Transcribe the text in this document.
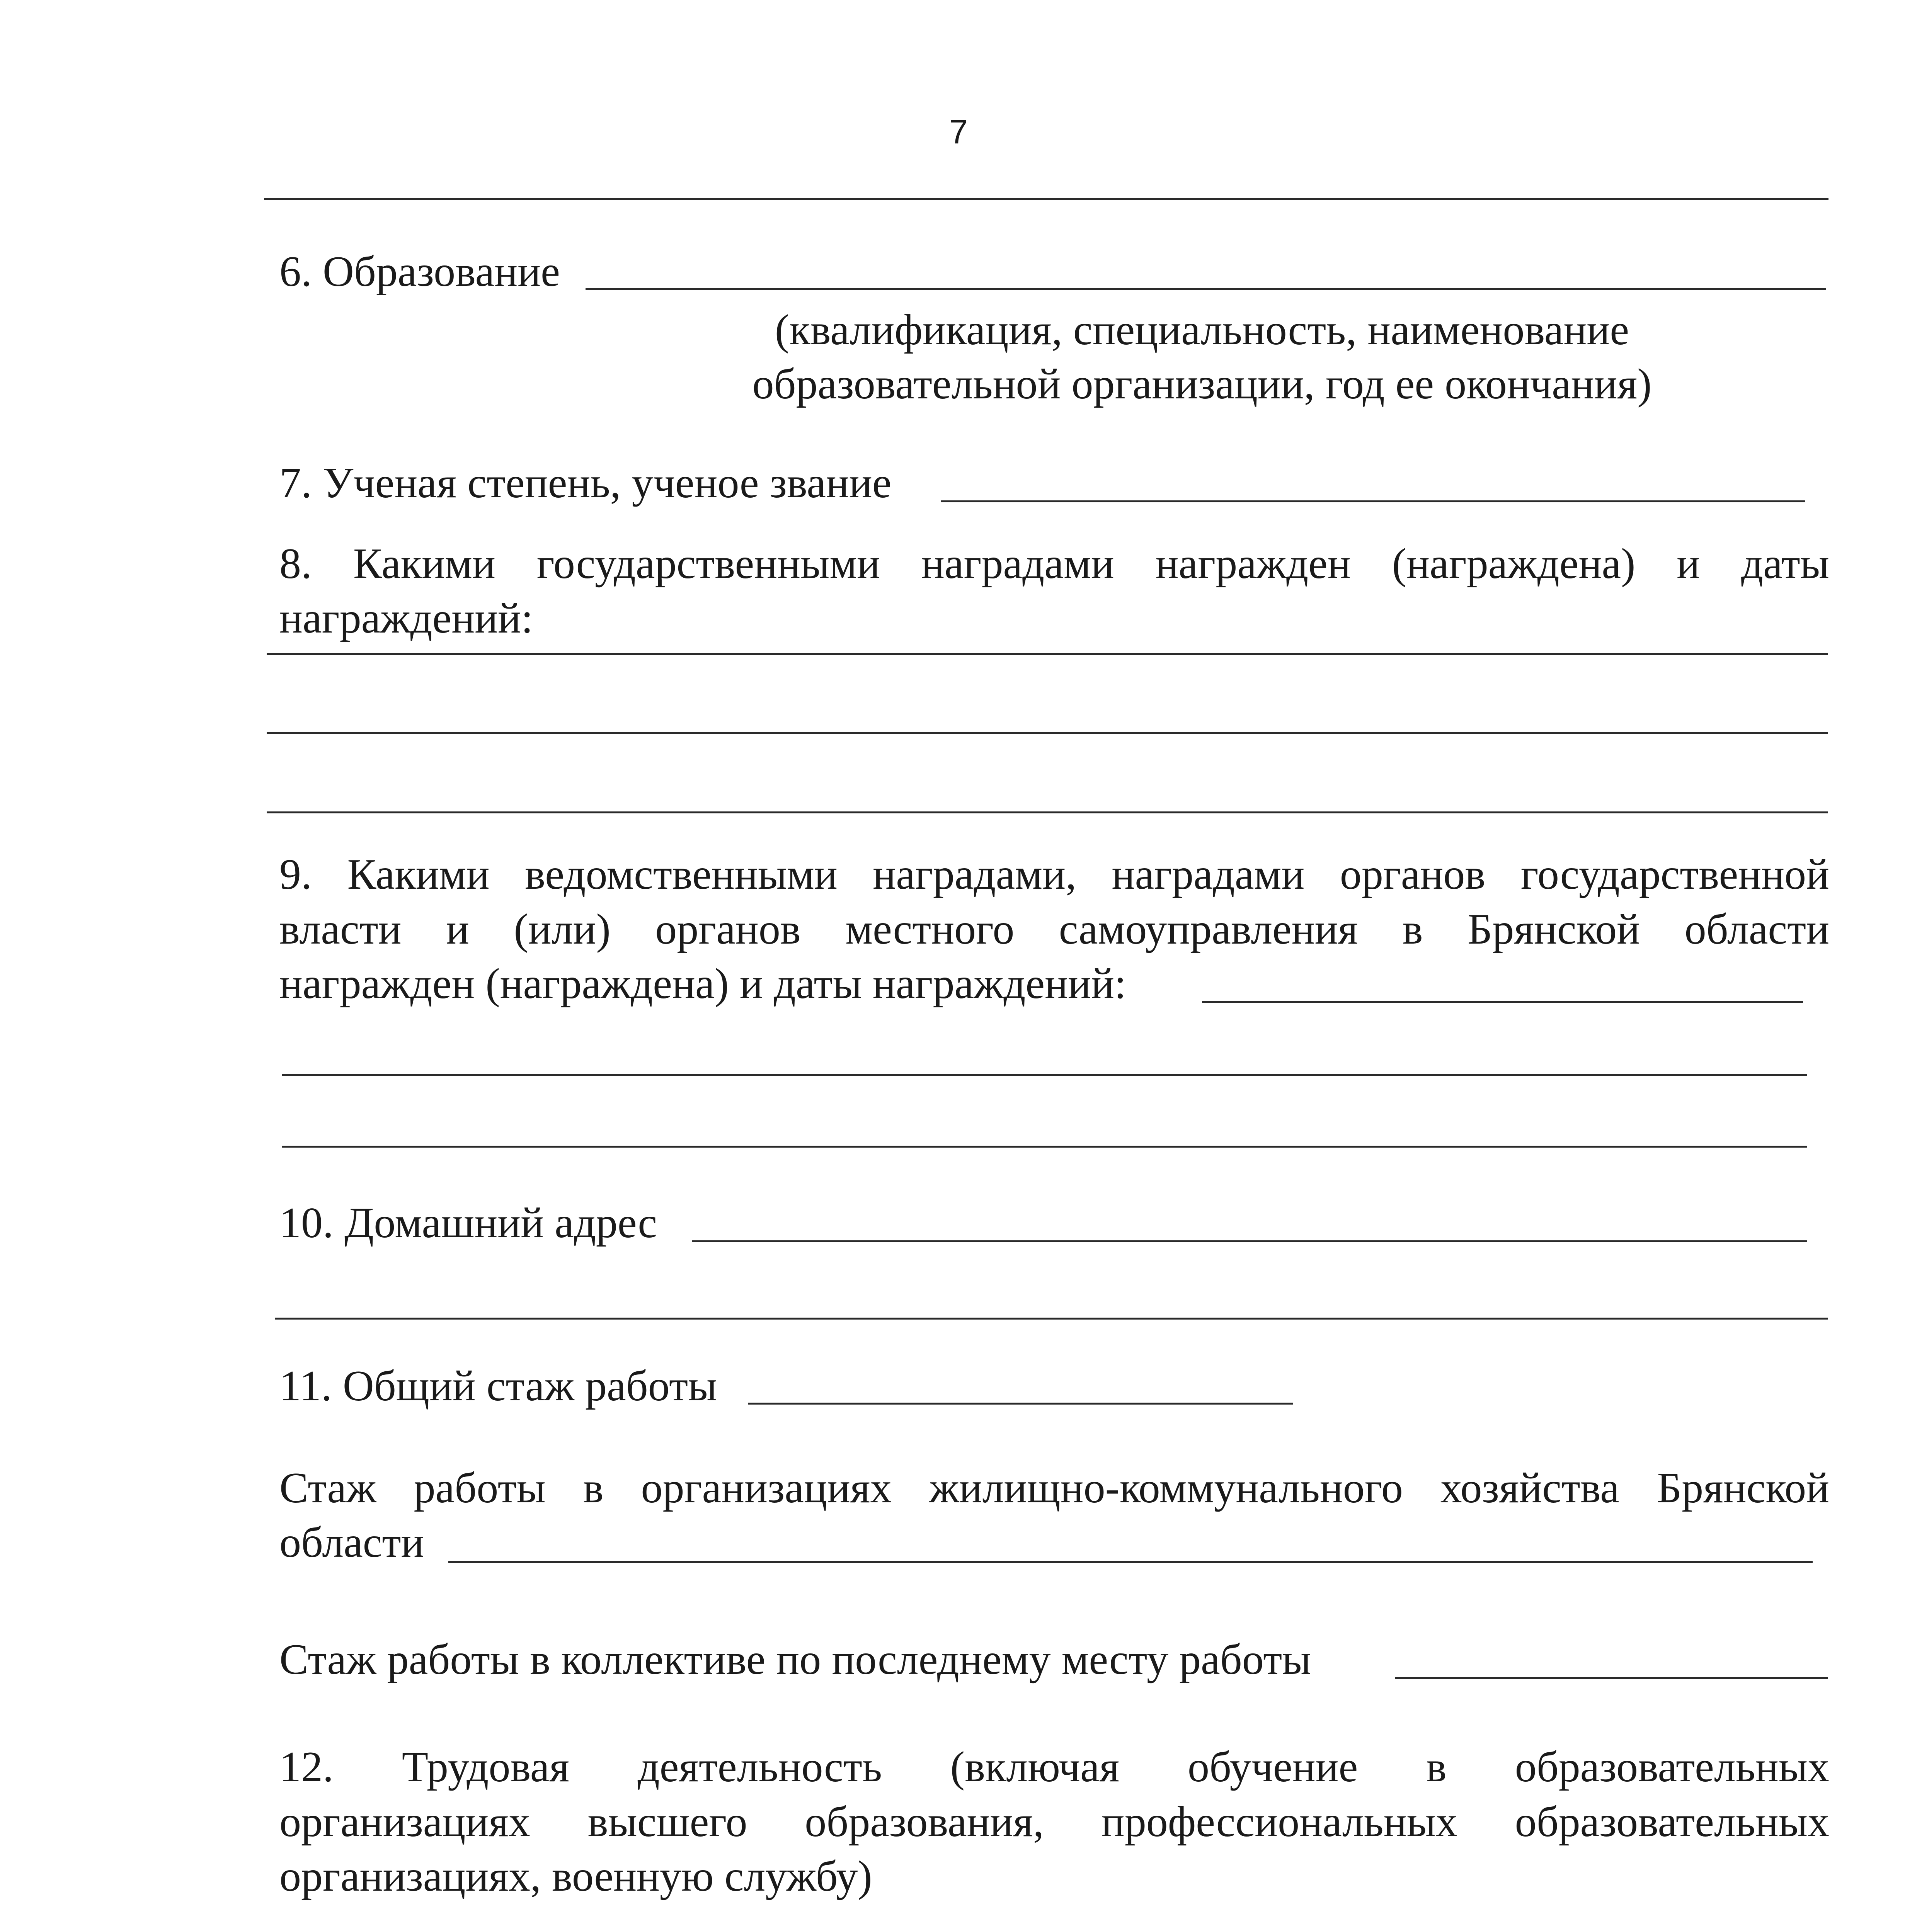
7
6. Образование
(квалификация, специальность, наименование
образовательной организации, год ее окончания)
7. Ученая степень, ученое звание
8. Какими государственными наградами награжден (награждена) и даты
награждений:
9. Какими ведомственными наградами, наградами органов государственной
власти и (или) органов местного самоуправления в Брянской области
награжден (награждена) и даты награждений:
10. Домашний адрес
11. Общий стаж работы
Стаж работы в организациях жилищно-коммунального хозяйства Брянской
области
Стаж работы в коллективе по последнему месту работы
12. Трудовая деятельность (включая обучение в образовательных
организациях высшего образования, профессиональных образовательных
организациях, военную службу)
